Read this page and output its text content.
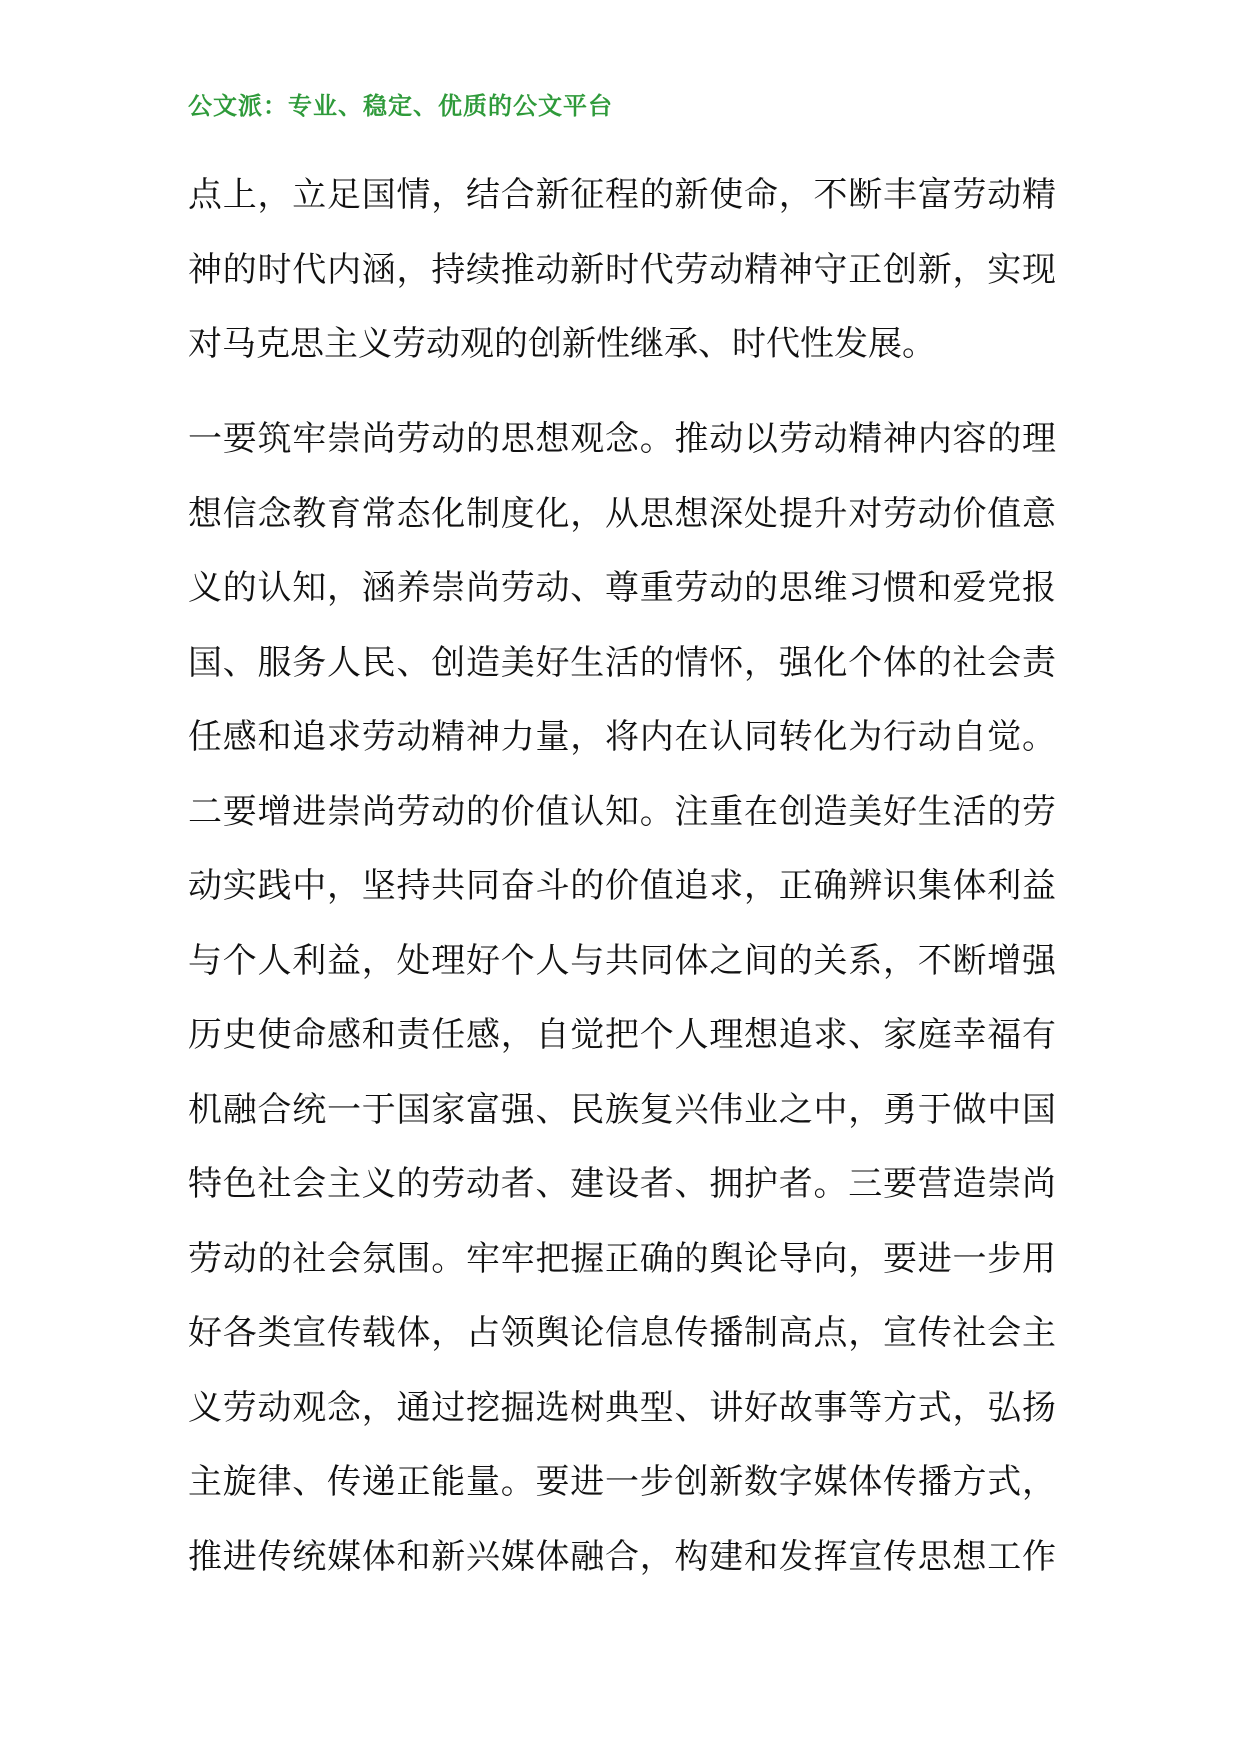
公文派：专业、稳定、优质的公文平台
点上，立足国情，结合新征程的新使命，不断丰富劳动精
神的时代内涵，持续推动新时代劳动精神守正创新，实现
对马克思主义劳动观的创新性继承、时代性发展。
一要筑牢崇尚劳动的思想观念。推动以劳动精神内容的理
想信念教育常态化制度化，从思想深处提升对劳动价值意
义的认知，涵养崇尚劳动、尊重劳动的思维习惯和爱党报
国、服务人民、创造美好生活的情怀，强化个体的社会责
任感和追求劳动精神力量，将内在认同转化为行动自觉。
二要增进崇尚劳动的价值认知。注重在创造美好生活的劳
动实践中，坚持共同奋斗的价值追求，正确辨识集体利益
与个人利益，处理好个人与共同体之间的关系，不断增强
历史使命感和责任感，自觉把个人理想追求、家庭幸福有
机融合统一于国家富强、民族复兴伟业之中，勇于做中国
特色社会主义的劳动者、建设者、拥护者。三要营造崇尚
劳动的社会氛围。牢牢把握正确的舆论导向，要进一步用
好各类宣传载体，占领舆论信息传播制高点，宣传社会主
义劳动观念，通过挖掘选树典型、讲好故事等方式，弘扬
主旋律、传递正能量。要进一步创新数字媒体传播方式，
推进传统媒体和新兴媒体融合，构建和发挥宣传思想工作
